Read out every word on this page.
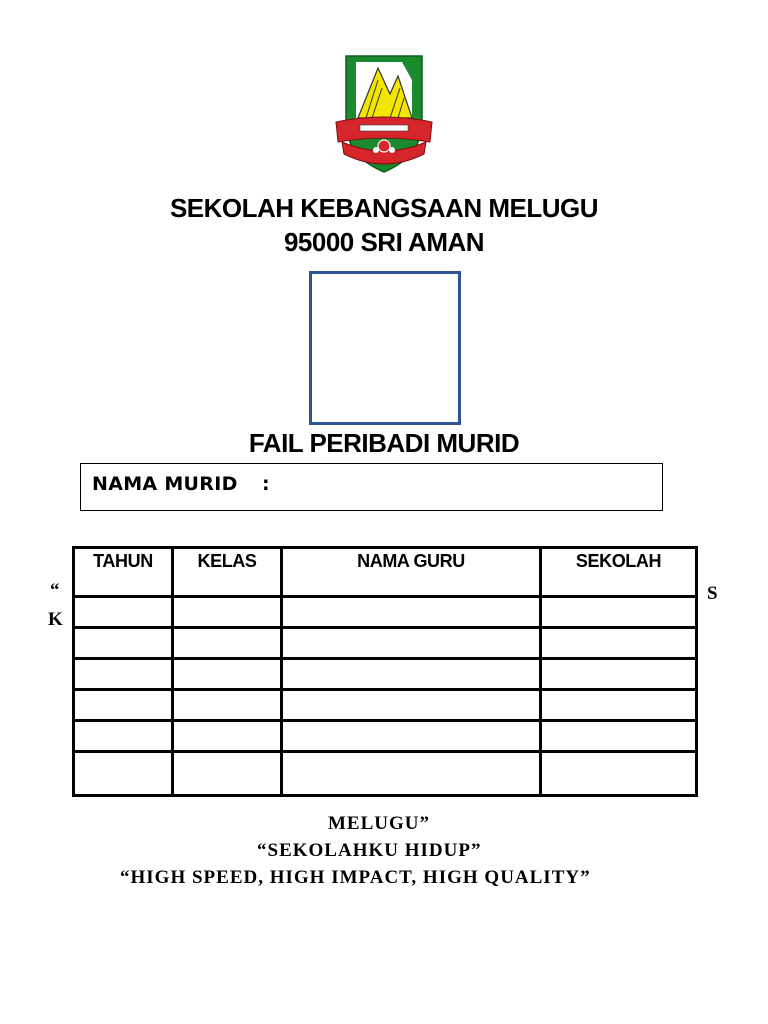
SEKOLAH KEBANGSAAN MELUGU
95000 SRI AMAN
FAIL PERIBADI MURID
NAMA MURID :
TAHUN	KELAS	NAMA GURU	SEKOLAH

“
K
S
MELUGU”
“SEKOLAHKU HIDUP”
“HIGH SPEED, HIGH IMPACT, HIGH QUALITY”
